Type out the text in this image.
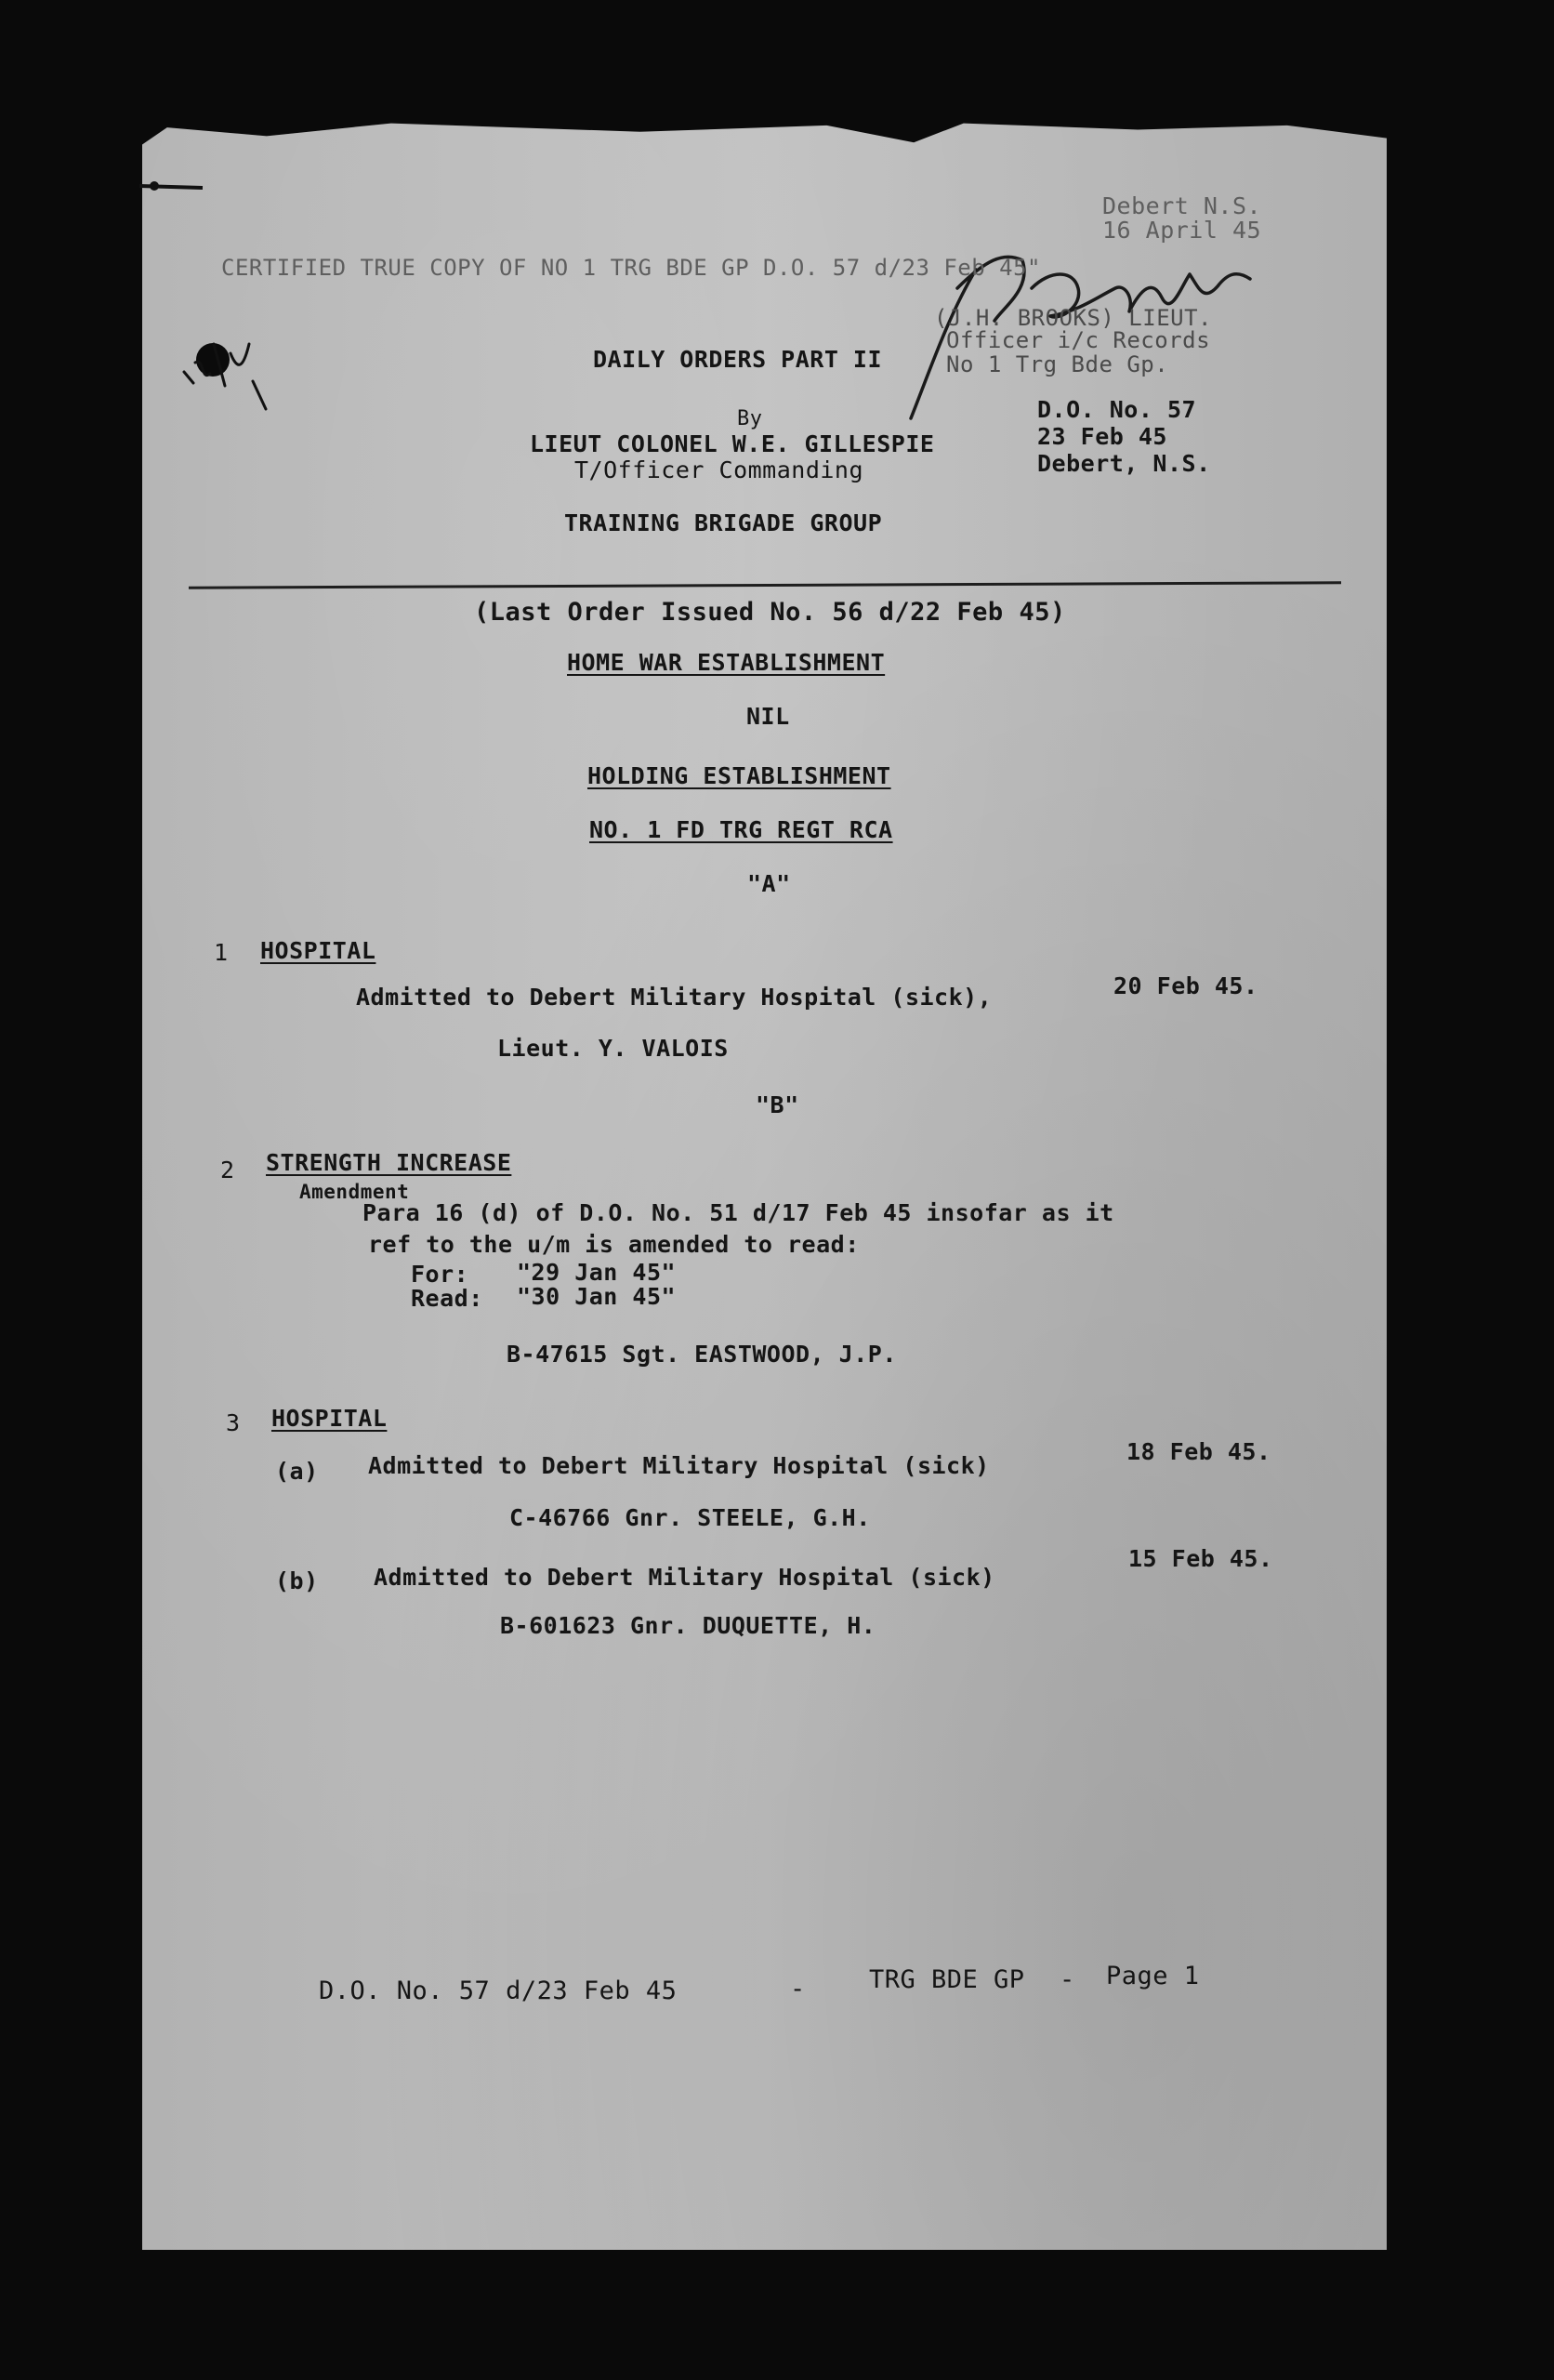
Debert N.S.
16 April 45
CERTIFIED TRUE COPY OF NO 1 TRG BDE GP D.O. 57 d/23 Feb 45"
(J.H. BROOKS) LIEUT.
Officer i/c Records
No 1 Trg Bde Gp.
DAILY ORDERS PART II
By
LIEUT COLONEL W.E. GILLESPIE
T/Officer Commanding
TRAINING BRIGADE GROUP
D.O. No. 57
23 Feb 45
Debert, N.S.
(Last Order Issued No. 56 d/22 Feb 45)
HOME WAR ESTABLISHMENT
NIL
HOLDING ESTABLISHMENT
NO. 1 FD TRG REGT RCA
"A"
1 HOSPITAL
Admitted to Debert Military Hospital (sick),	20 Feb 45.
Lieut. Y. VALOIS
"B"
2 STRENGTH INCREASE
Amendment
Para 16 (d) of D.O. No. 51 d/17 Feb 45 insofar as it
ref to the u/m is amended to read:
For: "29 Jan 45"
Read: "30 Jan 45"
B-47615 Sgt. EASTWOOD, J.P.
3 HOSPITAL
(a) Admitted to Debert Military Hospital (sick)
18 Feb 45.
C-46766 Gnr. STEELE, G.H.
(b) Admitted to Debert Military Hospital (sick)
15 Feb 45.
B-601623 Gnr. DUQUETTE, H.
D.O. No. 57 d/23 Feb 45	-	TRG BDE GP - Page 1
